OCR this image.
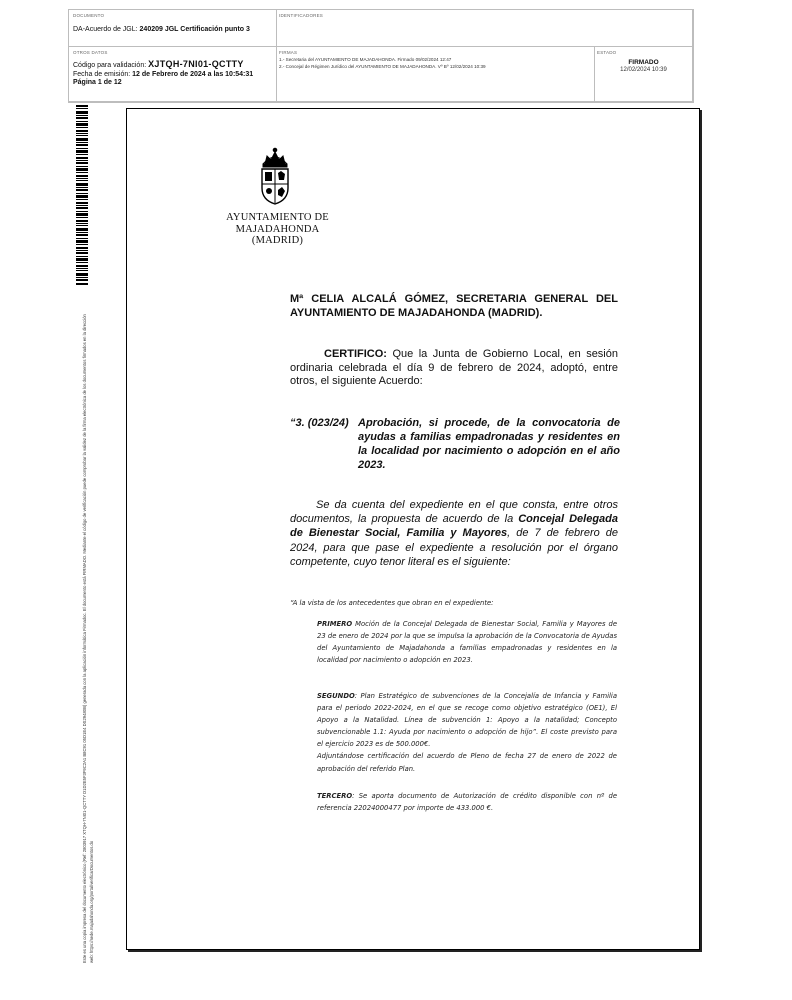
DOCUMENTO
DA-Acuerdo de JGL: 240209 JGL Certificación punto 3
IDENTIFICADORES
OTROS DATOS
Código para validación: XJTQH-7NI01-QCTTY
Fecha de emisión: 12 de Febrero de 2024 a las 10:54:31
Página 1 de 12
FIRMAS
1.- Secretaria del AYUNTAMIENTO DE MAJADAHONDA. Firmado 09/02/2024 12:47
2.- Concejal de Régimen Jurídico del AYUNTAMIENTO DE MAJADAHONDA. Vº Bº 12/02/2024 10:39
ESTADO
FIRMADO
12/02/2024 10:39
Este es una copia impresa del documento electrónico (Ref: 2803917 XTQH-7NI01-QCTTY D1D2E5F3F9C2A1 B8C91 05D1E4 DS29480B) generada con la aplicación informática Firmadoc. El documento está FIRMADO. Mediante el código de verificación puede comprobar la validez de la firma electrónica de los documentos firmados en la dirección web: https://sede.majadahonda.org/portal/verificarDocumentos.do
AYUNTAMIENTO DE
MAJADAHONDA
(MADRID)
Mª CELIA ALCALÁ GÓMEZ, SECRETARIA GENERAL DEL AYUNTAMIENTO DE MAJADAHONDA (MADRID).
CERTIFICO: Que la Junta de Gobierno Local, en sesión ordinaria celebrada el día 9 de febrero de 2024, adoptó, entre otros, el siguiente Acuerdo:
“3. (023/24) Aprobación, si procede, de la convocatoria de ayudas a familias empadronadas y residentes en la localidad por nacimiento o adopción en el año 2023.
Se da cuenta del expediente en el que consta, entre otros documentos, la propuesta de acuerdo de la Concejal Delegada de Bienestar Social, Familia y Mayores, de 7 de febrero de 2024, para que pase el expediente a resolución por el órgano competente, cuyo tenor literal es el siguiente:
“A la vista de los antecedentes que obran en el expediente:
PRIMERO Moción de la Concejal Delegada de Bienestar Social, Familia y Mayores de 23 de enero de 2024 por la que se impulsa la aprobación de la Convocatoria de Ayudas del Ayuntamiento de Majadahonda a familias empadronadas y residentes en la localidad por nacimiento o adopción en 2023.
SEGUNDO: Plan Estratégico de subvenciones de la Concejalía de Infancia y Familia para el periodo 2022-2024, en el que se recoge como objetivo estratégico (OE1), El Apoyo a la Natalidad. Línea de subvención 1: Apoyo a la natalidad; Concepto subvencionable 1.1: Ayuda por nacimiento o adopción de hijo”. El coste previsto para el ejercicio 2023 es de 500.000€.
Adjuntándose certificación del acuerdo de Pleno de fecha 27 de enero de 2022 de aprobación del referido Plan.
TERCERO: Se aporta documento de Autorización de crédito disponible con nº de referencia 22024000477 por importe de 433.000 €.
